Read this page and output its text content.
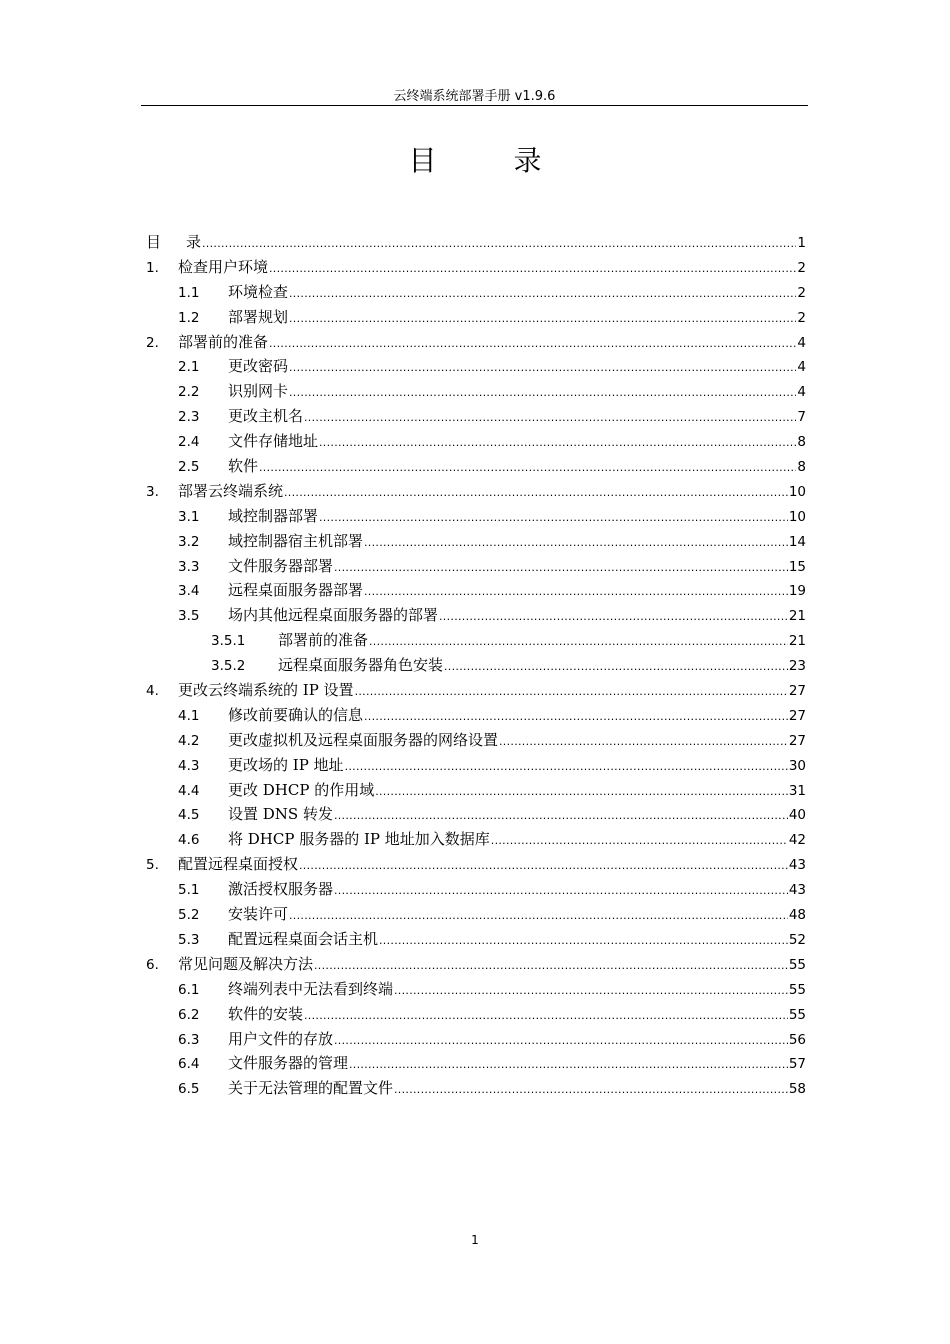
云终端系统部署手册 v1.9.6
目 录
目	录 .....	1
1.	检查用户环境 .....	2
1.1	环境检查 .....	2
1.2	部署规划 .....	2
2.	部署前的准备 .....	4
2.1	更改密码 .....	4
2.2	识别网卡 .....	4
2.3	更改主机名 .....	7
2.4	文件存储地址 .....	8
2.5	软件 .....	8
3.	部署云终端系统 .....	10
3.1	域控制器部署 .....	10
3.2	域控制器宿主机部署 .....	14
3.3	文件服务器部署 .....	15
3.4	远程桌面服务器部署 .....	19
3.5	场内其他远程桌面服务器的部署 .....	21
3.5.1	部署前的准备 .....	21
3.5.2	远程桌面服务器角色安装 .....	23
4.	更改云终端系统的 IP 设置 .....	27
4.1	修改前要确认的信息 .....	27
4.2	更改虚拟机及远程桌面服务器的网络设置 .....	27
4.3	更改场的 IP 地址 .....	30
4.4	更改 DHCP 的作用域 .....	31
4.5	设置 DNS 转发 .....	40
4.6	将 DHCP 服务器的 IP 地址加入数据库 .....	42
5.	配置远程桌面授权 .....	43
5.1	激活授权服务器 .....	43
5.2	安装许可 .....	48
5.3	配置远程桌面会话主机 .....	52
6.	常见问题及解决方法 .....	55
6.1	终端列表中无法看到终端 .....	55
6.2	软件的安装 .....	55
6.3	用户文件的存放 .....	56
6.4	文件服务器的管理 .....	57
6.5	关于无法管理的配置文件 .....	58
1
